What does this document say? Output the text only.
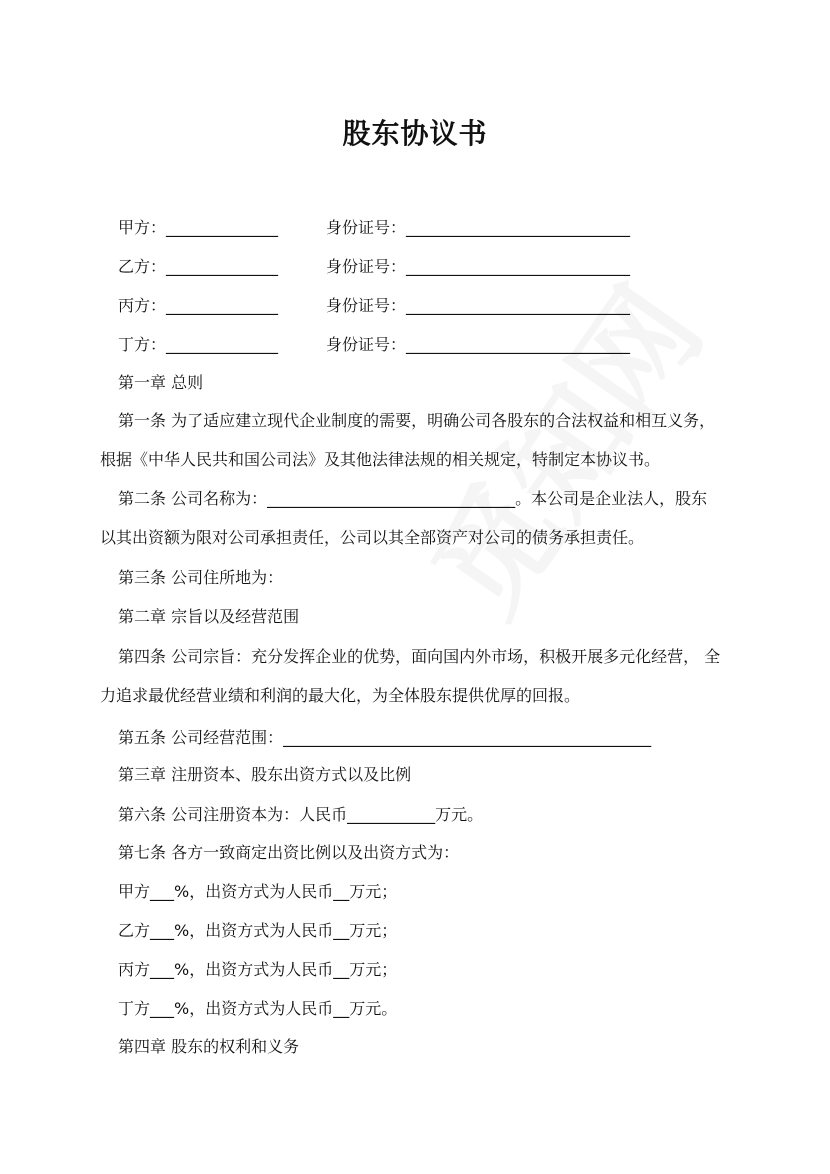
股东协议书
甲方：______________	身份证号：____________________________
乙方：______________	身份证号：____________________________
丙方：______________	身份证号：____________________________
丁方：______________	身份证号：____________________________
第一章 总则
第一条 为了适应建立现代企业制度的需要，明确公司各股东的合法权益和相互义务，
根据《中华人民共和国公司法》及其他法律法规的相关规定，特制定本协议书。
第二条 公司名称为：_______________________________。本公司是企业法人，股东
以其出资额为限对公司承担责任，公司以其全部资产对公司的债务承担责任。
第三条 公司住所地为：
第二章 宗旨以及经营范围
第四条 公司宗旨：充分发挥企业的优势，面向国内外市场，积极开展多元化经营， 全
力追求最优经营业绩和利润的最大化，为全体股东提供优厚的回报。
第五条 公司经营范围：______________________________________________
第三章 注册资本、股东出资方式以及比例
第六条 公司注册资本为：人民币___________万元。
第七条 各方一致商定出资比例以及出资方式为：
甲方___%，出资方式为人民币__万元；
乙方___%，出资方式为人民币__万元；
丙方___%，出资方式为人民币__万元；
丁方___%，出资方式为人民币__万元。
第四章 股东的权利和义务
